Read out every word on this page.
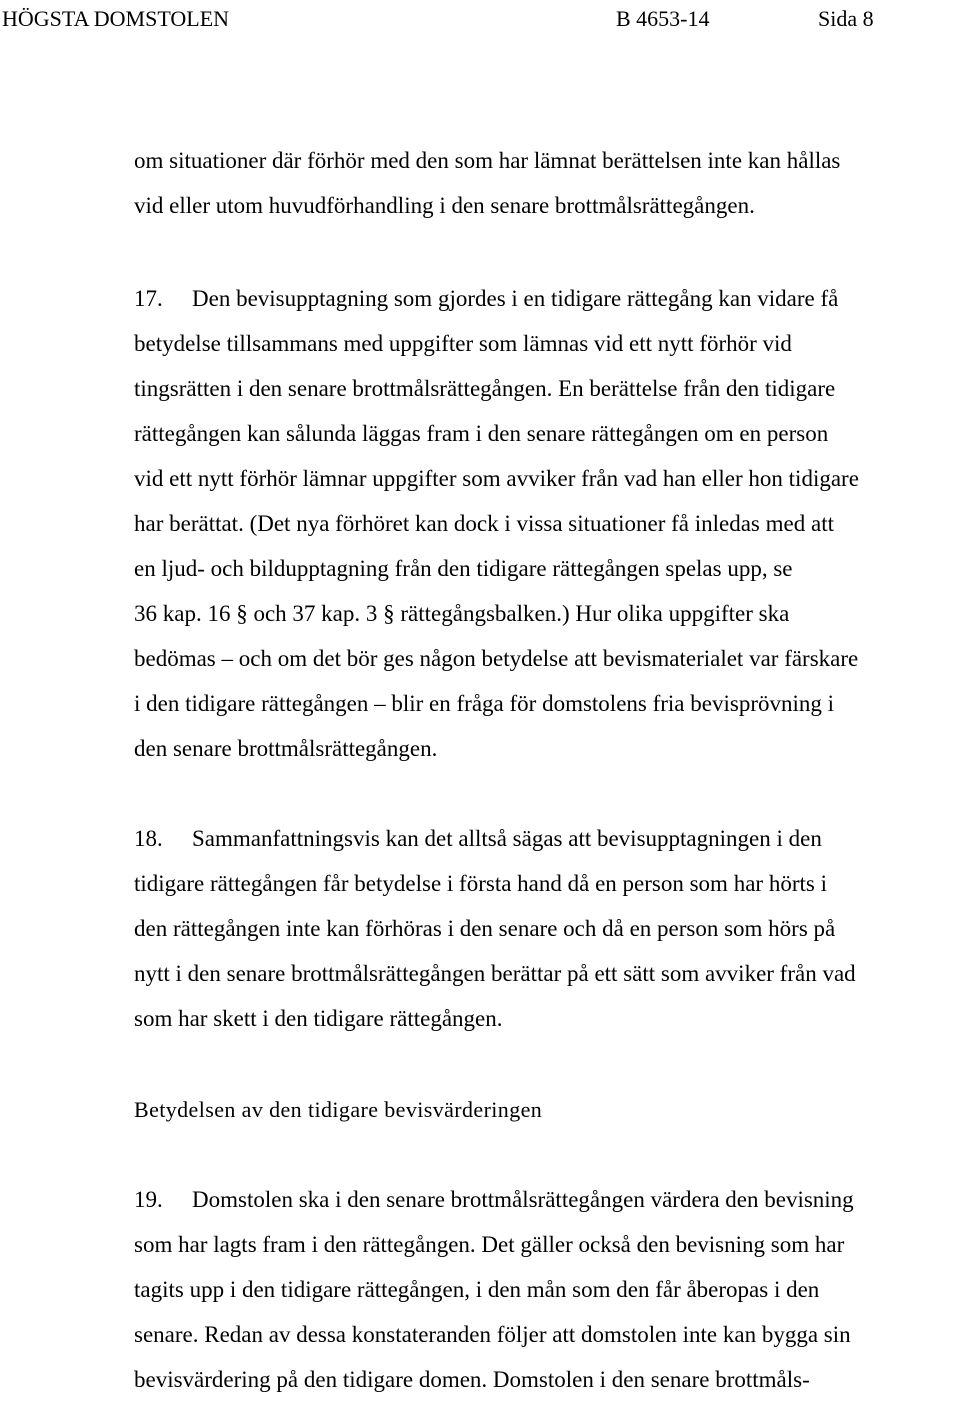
HÖGSTA DOMSTOLEN	B 4653-14	Sida 8

om situationer där förhör med den som har lämnat berättelsen inte kan hållas
vid eller utom huvudförhandling i den senare brottmålsrättegången.

17. Den bevisupptagning som gjordes i en tidigare rättegång kan vidare få
betydelse tillsammans med uppgifter som lämnas vid ett nytt förhör vid
tingsrätten i den senare brottmålsrättegången. En berättelse från den tidigare
rättegången kan sålunda läggas fram i den senare rättegången om en person
vid ett nytt förhör lämnar uppgifter som avviker från vad han eller hon tidigare
har berättat. (Det nya förhöret kan dock i vissa situationer få inledas med att
en ljud- och bildupptagning från den tidigare rättegången spelas upp, se
36 kap. 16 § och 37 kap. 3 § rättegångsbalken.) Hur olika uppgifter ska
bedömas – och om det bör ges någon betydelse att bevismaterialet var färskare
i den tidigare rättegången – blir en fråga för domstolens fria bevisprövning i
den senare brottmålsrättegången.

18. Sammanfattningsvis kan det alltså sägas att bevisupptagningen i den
tidigare rättegången får betydelse i första hand då en person som har hörts i
den rättegången inte kan förhöras i den senare och då en person som hörs på
nytt i den senare brottmålsrättegången berättar på ett sätt som avviker från vad
som har skett i den tidigare rättegången.

Betydelsen av den tidigare bevisvärderingen

19. Domstolen ska i den senare brottmålsrättegången värdera den bevisning
som har lagts fram i den rättegången. Det gäller också den bevisning som har
tagits upp i den tidigare rättegången, i den mån som den får åberopas i den
senare. Redan av dessa konstateranden följer att domstolen inte kan bygga sin
bevisvärdering på den tidigare domen. Domstolen i den senare brottmåls-
